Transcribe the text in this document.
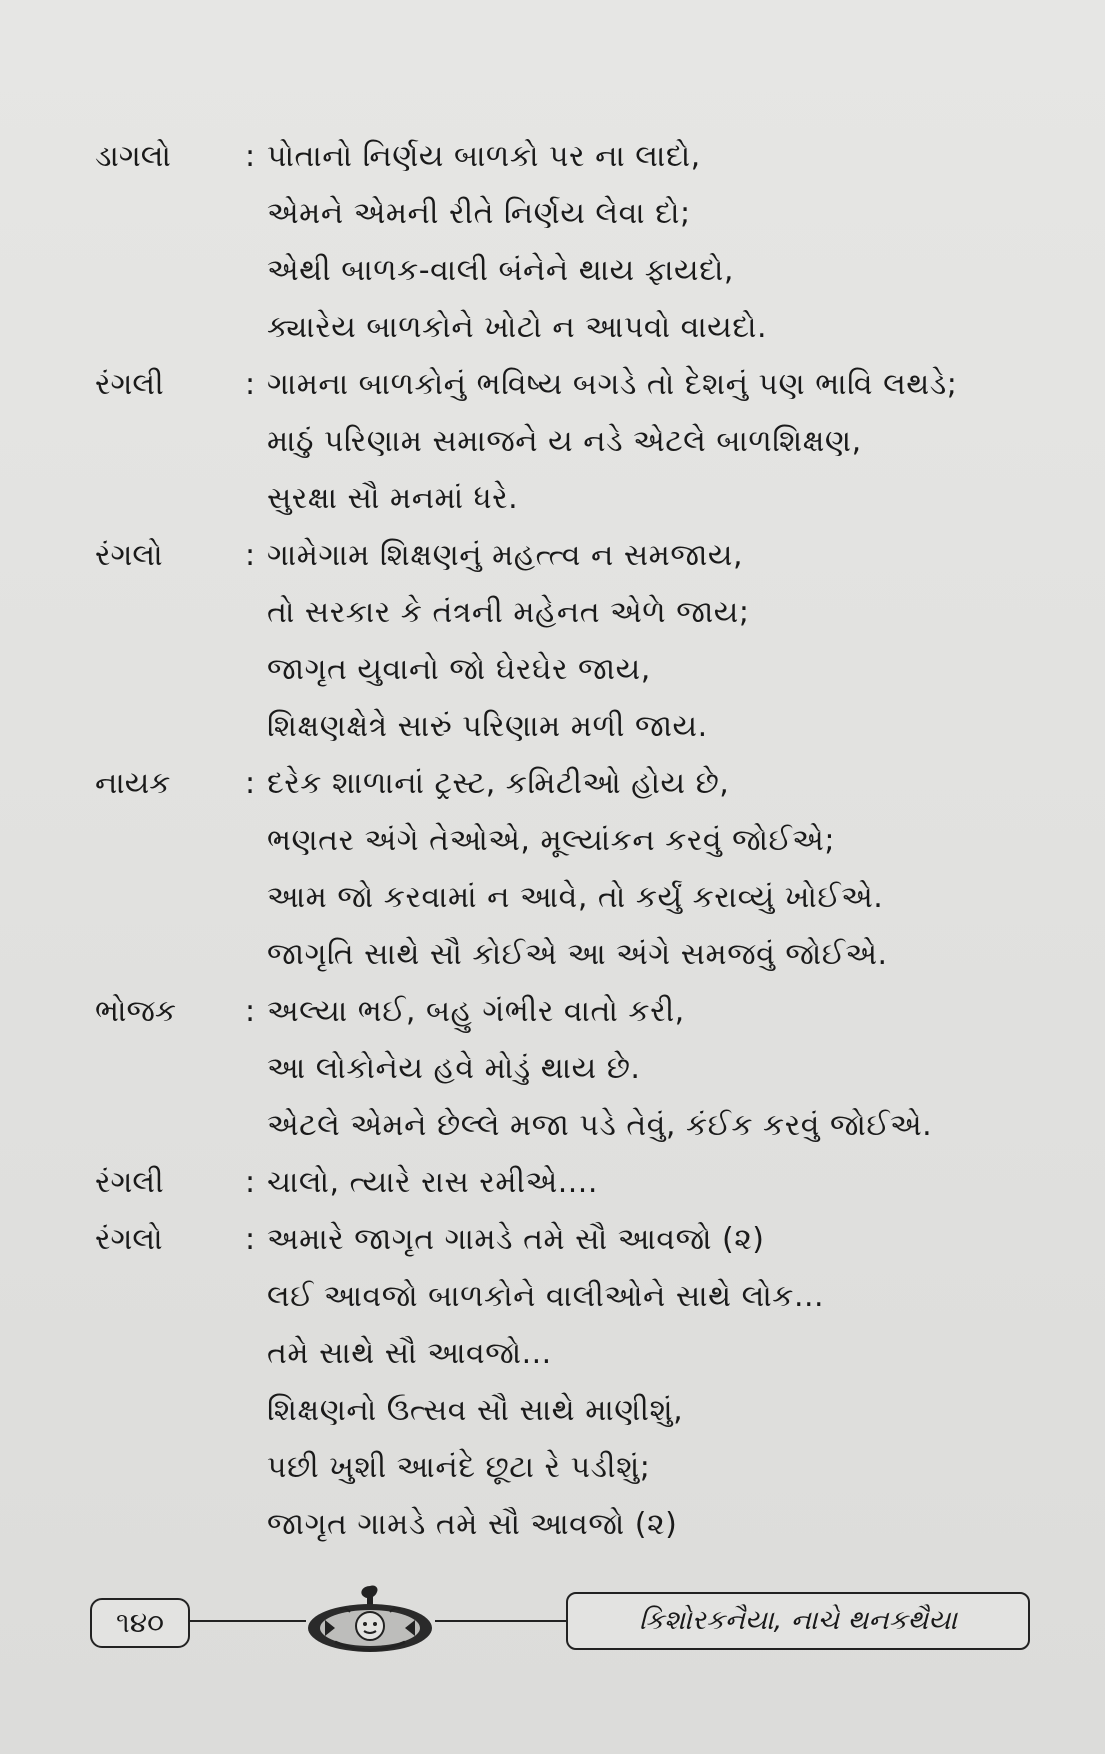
ડાગલો	: પોતાનો નિર્ણય બાળકો પર ના લાદો,
એમને એમની રીતે નિર્ણય લેવા દો;
એથી બાળક-વાલી બંનેને થાય ફાયદો,
ક્યારેય બાળકોને ખોટો ન આપવો વાયદો.
રંગલી	: ગામના બાળકોનું ભવિષ્ય બગડે તો દેશનું પણ ભાવિ લથડે;
માઠું પરિણામ સમાજને ય નડે એટલે બાળશિક્ષણ,
સુરક્ષા સૌ મનમાં ધરે.
રંગલો	: ગામેગામ શિક્ષણનું મહત્ત્વ ન સમજાય,
તો સરકાર કે તંત્રની મહેનત એળે જાય;
જાગૃત યુવાનો જો ઘેરઘેર જાય,
શિક્ષણક્ષેત્રે સારું પરિણામ મળી જાય.
નાયક	: દરેક શાળાનાં ટ્રસ્ટ, કમિટીઓ હોય છે,
ભણતર અંગે તેઓએ, મૂલ્યાંકન કરવું જોઈએ;
આમ જો કરવામાં ન આવે, તો કર્યું કરાવ્યું ખોઈએ.
જાગૃતિ સાથે સૌ કોઈએ આ અંગે સમજવું જોઈએ.
ભોજક	: અલ્યા ભઈ, બહુ ગંભીર વાતો કરી,
આ લોકોનેય હવે મોડું થાય છે.
એટલે એમને છેલ્લે મજા પડે તેવું, કંઈક કરવું જોઈએ.
રંગલી	: ચાલો, ત્યારે રાસ રમીએ....
રંગલો	: અમારે જાગૃત ગામડે તમે સૌ આવજો (૨)
લઈ આવજો બાળકોને વાલીઓને સાથે લોક...
તમે સાથે સૌ આવજો...
શિક્ષણનો ઉત્સવ સૌ સાથે માણીશું,
પછી ખુશી આનંદે છૂટા રે પડીશું;
જાગૃત ગામડે તમે સૌ આવજો (૨)
૧૪૦	કિશોરકનૈયા, નાચે થનકથૈયા
